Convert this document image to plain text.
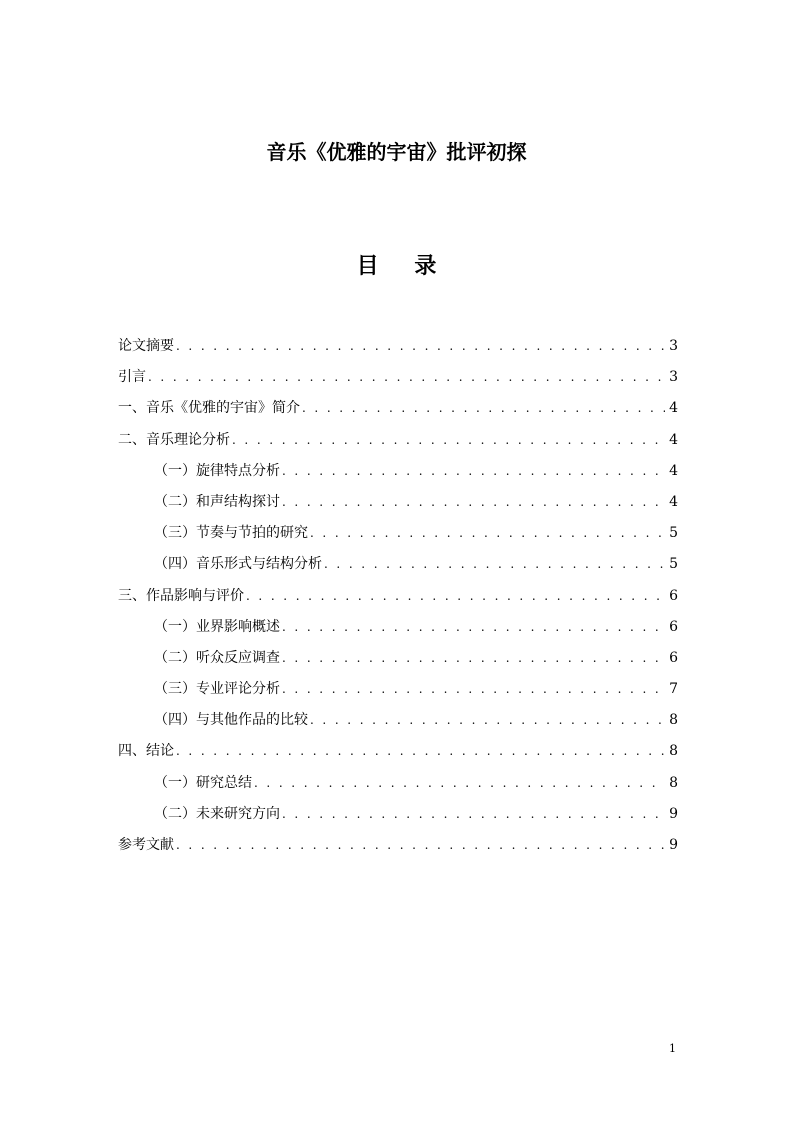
音乐《优雅的宇宙》批评初探
目 录
论文摘要 . . .	3
引言 . . .	3
一、音乐《优雅的宇宙》简介 . . .	4
二、音乐理论分析 . . .	4
（一）旋律特点分析 . . .	4
（二）和声结构探讨 . . .	4
（三）节奏与节拍的研究 . . .	5
（四）音乐形式与结构分析 . . .	5
三、作品影响与评价 . . .	6
（一）业界影响概述 . . .	6
（二）听众反应调查 . . .	6
（三）专业评论分析 . . .	7
（四）与其他作品的比较 . . .	8
四、结论 . . .	8
（一）研究总结 . . .	8
（二）未来研究方向 . . .	9
参考文献 . . .	9

1
